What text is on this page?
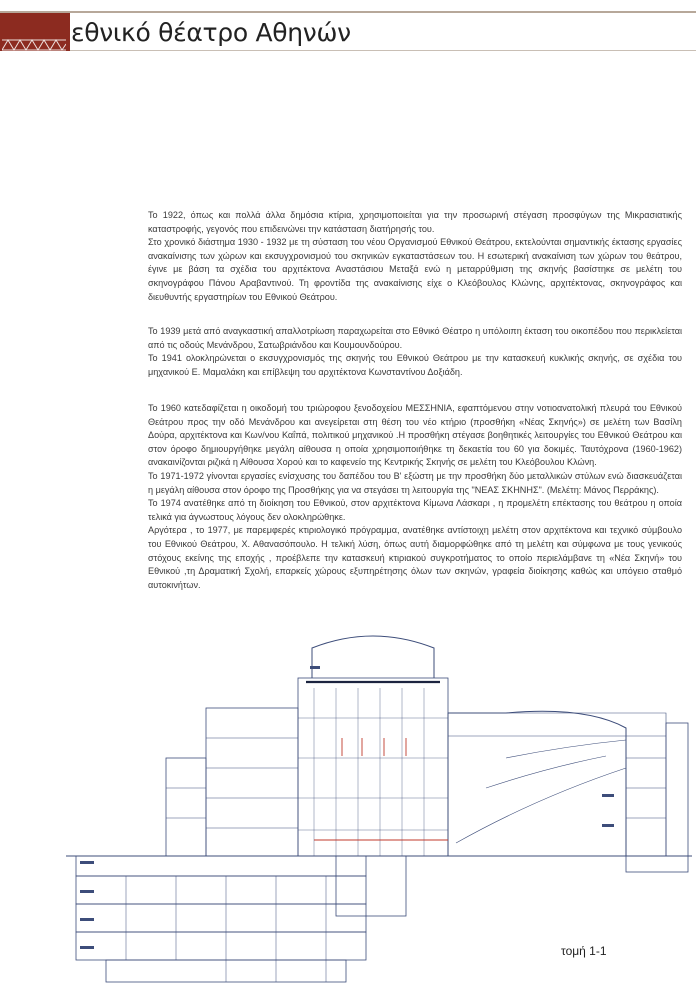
εθνικό θέατρο Αθηνών

Το 1922, όπως και πολλά άλλα δημόσια κτίρια, χρησιμοποιείται για την προσωρινή στέγαση προσφύγων της Μικρασιατικής καταστροφής, γεγονός που επιδεινώνει την κατάσταση διατήρησής του.

Στο χρονικό διάστημα 1930 - 1932 με τη σύσταση του νέου Οργανισμού Εθνικού Θεάτρου, εκτελούνται σημαντικής έκτασης εργασίες ανακαίνισης των χώρων και εκσυγχρονισμού του σκηνικών εγκαταστάσεων του. Η εσωτερική ανακαίνιση των χώρων του θεάτρου, έγινε με βάση τα σχέδια του αρχιτέκτονα Αναστάσιου Μεταξά ενώ η μεταρρύθμιση της σκηνής βασίστηκε σε μελέτη του σκηνογράφου Πάνου Αραβαντινού. Τη φροντίδα της ανακαίνισης είχε ο Κλεόβουλος Κλώνης, αρχιτέκτονας, σκηνογράφος και διευθυντής εργαστηρίων του Εθνικού Θεάτρου.

Το 1939 μετά από αναγκαστική απαλλοτρίωση παραχωρείται στο Εθνικό Θέατρο η υπόλοιπη έκταση του οικοπέδου που περικλείεται από τις οδούς Μενάνδρου, Σατωβριάνδου και Κουμουνδούρου.

Το 1941 ολοκληρώνεται ο εκσυγχρονισμός της σκηνής του Εθνικού Θεάτρου με την κατασκευή κυκλικής σκηνής, σε σχέδια του μηχανικού Ε. Μαμαλάκη και επίβλεψη του αρχιτέκτονα Κωνσταντίνου Δοξιάδη.

Το 1960 κατεδαφίζεται η οικοδομή του τριώροφου ξενοδοχείου ΜΕΣΣΗΝΙΑ, εφαπτόμενου στην νοτιοανατολική πλευρά του Εθνικού Θεάτρου προς την οδό Μενάνδρου και ανεγείρεται στη θέση του νέο κτήριο (προσθήκη «Νέας Σκηνής») σε μελέτη των Βασίλη Δούρα, αρχιτέκτονα και Κων/νου Καΐπά, πολιτικού μηχανικού .Η προσθήκη στέγασε βοηθητικές λειτουργίες του Εθνικού Θεάτρου και στον όροφο δημιουργήθηκε μεγάλη αίθουσα η οποία χρησιμοποιήθηκε τη δεκαετία του 60 για δοκιμές. Ταυτόχρονα (1960-1962) ανακαινίζονται ριζικά η Αίθουσα Χορού και το καφενείο της Κεντρικής Σκηνής σε μελέτη του Κλεόβουλου Κλώνη.

Το 1971-1972 γίνονται εργασίες ενίσχυσης του δαπέδου του Β' εξώστη με την προσθήκη δύο μεταλλικών στύλων ενώ διασκευάζεται η μεγάλη αίθουσα στον όροφο της Προσθήκης για να στεγάσει τη λειτουργία της "ΝΕΑΣ ΣΚΗΝΗΣ". (Μελέτη: Μάνος Περράκης).

Το 1974 ανατέθηκε από τη διοίκηση του Εθνικού, στον αρχιτέκτονα Κίμωνα Λάσκαρι , η προμελέτη επέκτασης του θεάτρου η οποία τελικά για άγνωστους λόγους δεν ολοκληρώθηκε.

Αργότερα , το 1977, με παρεμφερές κτιριολογικό πρόγραμμα, ανατέθηκε αντίστοιχη μελέτη στον αρχιτέκτονα και τεχνικό σύμβουλο του Εθνικού Θεάτρου, Χ. Αθανασόπουλο. Η τελική λύση, όπως αυτή διαμορφώθηκε από τη μελέτη και σύμφωνα με τους γενικούς στόχους εκείνης της εποχής , προέβλεπε την κατασκευή κτιριακού συγκροτήματος το οποίο περιελάμβανε τη «Νέα Σκηνή» του Εθνικού ,τη Δραματική Σχολή, επαρκείς χώρους εξυπηρέτησης όλων των σκηνών, γραφεία διοίκησης καθώς και υπόγειο σταθμό αυτοκινήτων.

τομή 1-1
